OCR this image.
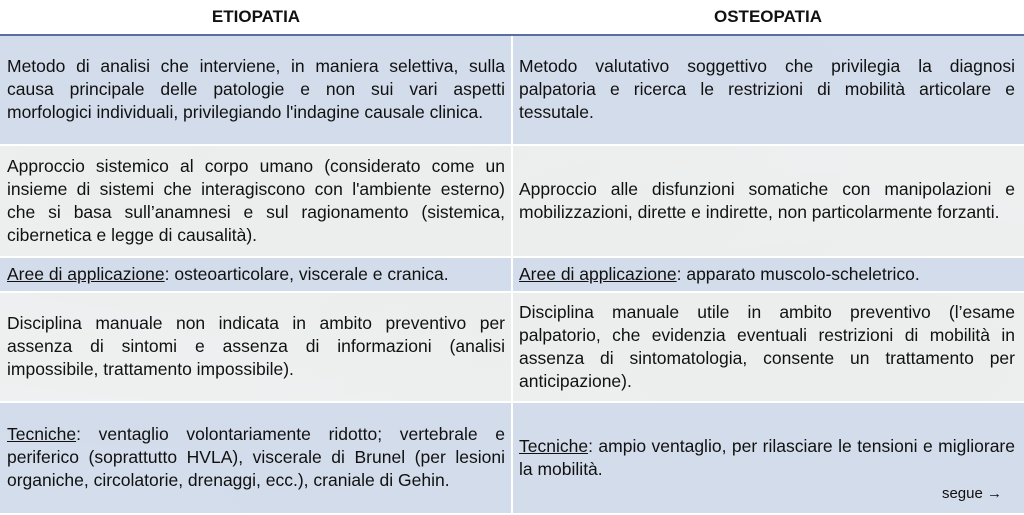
ETIOPATIA	OSTEOPATIA
Metodo di analisi che interviene, in maniera selettiva, sulla causa principale delle patologie e non sui vari aspetti morfologici individuali, privilegiando l'indagine causale clinica.	Metodo valutativo soggettivo che privilegia la diagnosi palpatoria e ricerca le restrizioni di mobilità articolare e tessutale.
Approccio sistemico al corpo umano (considerato come un insieme di sistemi che interagiscono con l'ambiente esterno) che si basa sull’anamnesi e sul ragionamento (sistemica, cibernetica e legge di causalità).	Approccio alle disfunzioni somatiche con manipolazioni e mobilizzazioni, dirette e indirette, non particolarmente forzanti.
Aree di applicazione: osteoarticolare, viscerale e cranica.	Aree di applicazione: apparato muscolo-scheletrico.
Disciplina manuale non indicata in ambito preventivo per assenza di sintomi e assenza di informazioni (analisi impossibile, trattamento impossibile).	Disciplina manuale utile in ambito preventivo (l’esame palpatorio, che evidenzia eventuali restrizioni di mobilità in assenza di sintomatologia, consente un trattamento per anticipazione).
Tecniche: ventaglio volontariamente ridotto; vertebrale e periferico (soprattutto HVLA), viscerale di Brunel (per lesioni organiche, circolatorie, drenaggi, ecc.), craniale di Gehin.	Tecniche: ampio ventaglio, per rilasciare le tensioni e migliorare la mobilità.
segue →
